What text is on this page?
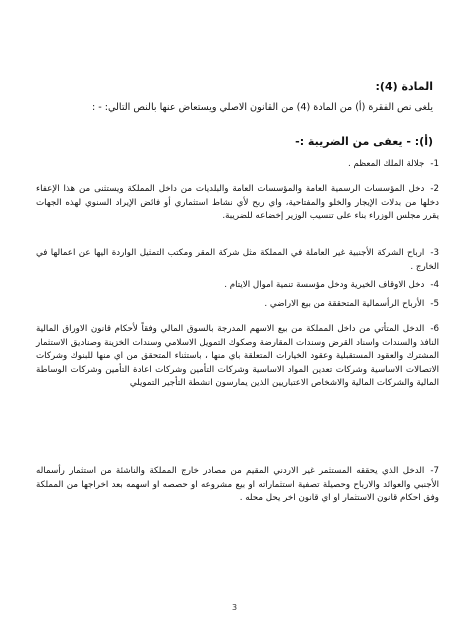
المادة (4):
يلغى نص الفقرة (أ) من المادة (4) من القانون الاصلي ويستعاض عنها بالنص التالي: - :
(أ): - يعفى من الضريبة :-
1-جلالة الملك المعظم .
2-دخل المؤسسات الرسمية العامة والمؤسسات العامة والبلديات من داخل المملكة ويستثنى من هذا الإعفاء دخلها من بدلات الإيجار والخلو والمفتاحية، واي ربح لأي نشاط استثماري أو فائض الإيراد السنوي لهذه الجهات يقرر مجلس الوزراء بناء على تنسيب الوزير إخضاعه للضريبة.
3-ارباح الشركة الأجنبية غير العاملة في المملكة مثل شركة المقر ومكتب التمثيل الواردة اليها عن اعمالها في الخارج .
4-دخل الاوقاف الخيرية ودخل مؤسسة تنمية اموال الايتام .
5-الأرباح الرأسمالية المتحققة من بيع الاراضي .
6-الدخل المتأتي من داخل المملكة من بيع الاسهم المدرجة بالسوق المالي وفقاً لأحكام قانون الاوراق المالية النافذ والسندات واسناد القرض وسندات المقارضة وصكوك التمويل الاسلامي وسندات الخزينة وصناديق الاستثمار المشترك والعقود المستقبلية وعقود الخيارات المتعلقة باي منها ، باستثناء المتحقق من اي منها للبنوك وشركات الاتصالات الاساسية وشركات تعدين المواد الاساسية وشركات التأمين وشركات اعادة التأمين وشركات الوساطة المالية والشركات المالية والاشخاص الاعتباريين الذين يمارسون انشطة التأجير التمويلي
7-الدخل الذي يحققه المستثمر غير الاردني المقيم من مصادر خارج المملكة والناشئة من استثمار رأسماله الأجنبي والعوائد والارباح وحصيلة تصفية استثماراته او بيع مشروعه او حصصه او اسهمه بعد اخراجها من المملكة وفق احكام قانون الاستثمار او اي قانون اخر يحل محله .
3
